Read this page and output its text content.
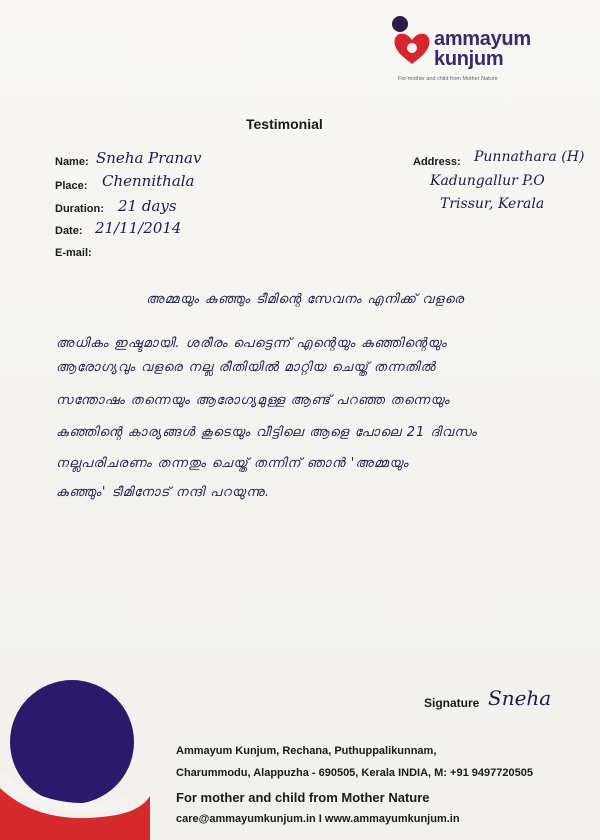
ammayum
kunjum
For mother and child from Mother Nature
Testimonial
Name: Sneha Pranav
Place: Chennithala
Duration: 21 days
Date: 21/11/2014
E-mail:
Address: Punnathara (H)
Kadungallur P.O
Trissur, Kerala
അമ്മയും കുഞ്ഞും ടീമിന്റെ സേവനം എനിക്ക് വളരെ
അധികം ഇഷ്ടമായി. ശരീരം പെട്ടെന്ന് എന്റെയും കുഞ്ഞിന്റെയും
ആരോഗ്യവും വളരെ നല്ല രീതിയിൽ മാറ്റിയ ചെയ്ത് തന്നതിൽ
സന്തോഷം തന്നെയും ആരോഗ്യമുള്ള ആണ്ട് പറഞ്ഞ തന്നെയും
കുഞ്ഞിന്റെ കാര്യങ്ങൾ കൂടെയും വീട്ടിലെ ആളെ പോലെ 21 ദിവസം
നല്ലപരിചരണം തന്നതും ചെയ്ത് തന്നിന് ഞാൻ 'അമ്മയും
കുഞ്ഞും' ടീമിനോട് നന്ദി പറയുന്നു.
Signature Sneha
Ammayum Kunjum, Rechana, Puthuppalikunnam,
Charummodu, Alappuzha - 690505, Kerala INDIA, M: +91 9497720505
For mother and child from Mother Nature
care@ammayumkunjum.in I www.ammayumkunjum.in
